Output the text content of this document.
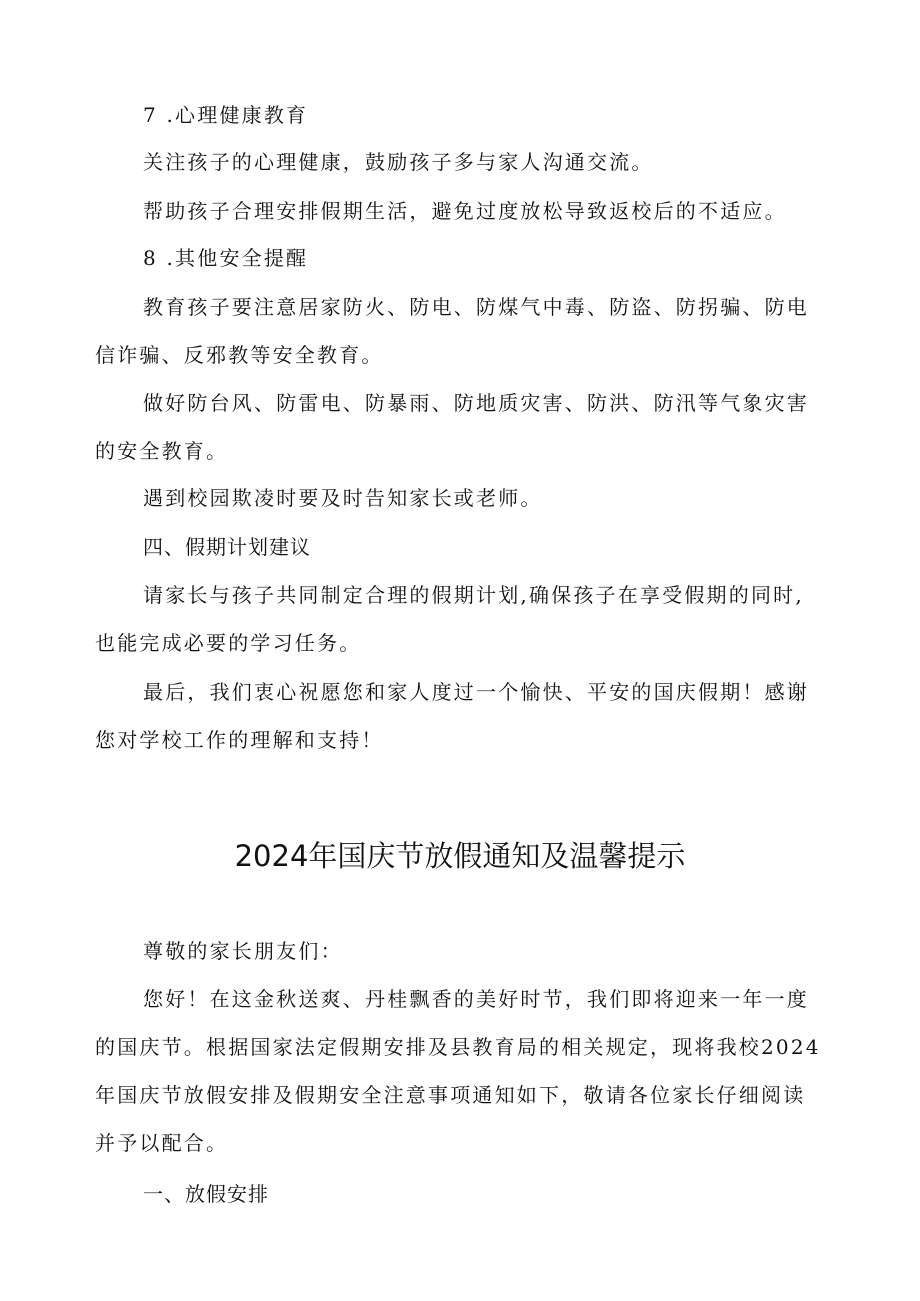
7 .心理健康教育
关注孩子的心理健康，鼓励孩子多与家人沟通交流。
帮助孩子合理安排假期生活，避免过度放松导致返校后的不适应。
8 .其他安全提醒
教育孩子要注意居家防火、防电、防煤气中毒、防盗、防拐骗、防电
信诈骗、反邪教等安全教育。
做好防台风、防雷电、防暴雨、防地质灾害、防洪、防汛等气象灾害
的安全教育。
遇到校园欺凌时要及时告知家长或老师。
四、假期计划建议
请家长与孩子共同制定合理的假期计划,确保孩子在享受假期的同时,
也能完成必要的学习任务。
最后，我们衷心祝愿您和家人度过一个愉快、平安的国庆假期！感谢
您对学校工作的理解和支持！
2024年国庆节放假通知及温馨提示
尊敬的家长朋友们：
您好！在这金秋送爽、丹桂飘香的美好时节，我们即将迎来一年一度
的国庆节。根据国家法定假期安排及县教育局的相关规定，现将我校2024
年国庆节放假安排及假期安全注意事项通知如下，敬请各位家长仔细阅读
并予以配合。
一、放假安排
